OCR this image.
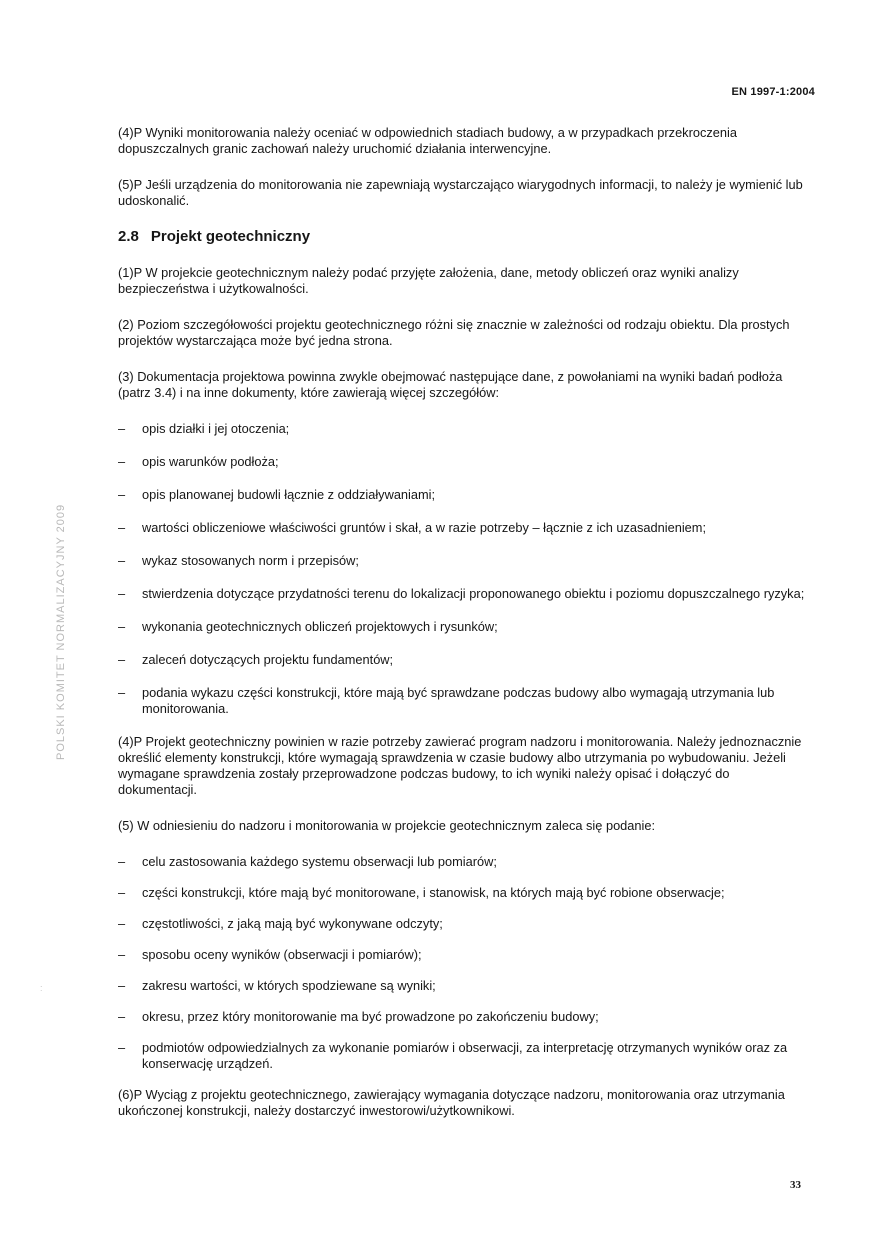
EN 1997-1:2004
POLSKI KOMITET NORMALIZACYJNY 2009
:

(4)P Wyniki monitorowania należy oceniać w odpowiednich stadiach budowy, a w przypadkach przekroczenia dopuszczalnych granic zachowań należy uruchomić działania interwencyjne.

(5)P Jeśli urządzenia do monitorowania nie zapewniają wystarczająco wiarygodnych informacji, to należy je wymienić lub udoskonalić.

2.8 Projekt geotechniczny

(1)P W projekcie geotechnicznym należy podać przyjęte założenia, dane, metody obliczeń oraz wyniki analizy bezpieczeństwa i użytkowalności.

(2) Poziom szczegółowości projektu geotechnicznego różni się znacznie w zależności od rodzaju obiektu. Dla prostych projektów wystarczająca może być jedna strona.

(3) Dokumentacja projektowa powinna zwykle obejmować następujące dane, z powołaniami na wyniki badań podłoża (patrz 3.4) i na inne dokumenty, które zawierają więcej szczegółów:

– opis działki i jej otoczenia;
– opis warunków podłoża;
– opis planowanej budowli łącznie z oddziaływaniami;
– wartości obliczeniowe właściwości gruntów i skał, a w razie potrzeby – łącznie z ich uzasadnieniem;
– wykaz stosowanych norm i przepisów;
– stwierdzenia dotyczące przydatności terenu do lokalizacji proponowanego obiektu i poziomu dopuszczalnego ryzyka;
– wykonania geotechnicznych obliczeń projektowych i rysunków;
– zaleceń dotyczących projektu fundamentów;
– podania wykazu części konstrukcji, które mają być sprawdzane podczas budowy albo wymagają utrzymania lub monitorowania.

(4)P Projekt geotechniczny powinien w razie potrzeby zawierać program nadzoru i monitorowania. Należy jednoznacznie określić elementy konstrukcji, które wymagają sprawdzenia w czasie budowy albo utrzymania po wybudowaniu. Jeżeli wymagane sprawdzenia zostały przeprowadzone podczas budowy, to ich wyniki należy opisać i dołączyć do dokumentacji.

(5) W odniesieniu do nadzoru i monitorowania w projekcie geotechnicznym zaleca się podanie:

– celu zastosowania każdego systemu obserwacji lub pomiarów;
– części konstrukcji, które mają być monitorowane, i stanowisk, na których mają być robione obserwacje;
– częstotliwości, z jaką mają być wykonywane odczyty;
– sposobu oceny wyników (obserwacji i pomiarów);
– zakresu wartości, w których spodziewane są wyniki;
– okresu, przez który monitorowanie ma być prowadzone po zakończeniu budowy;
– podmiotów odpowiedzialnych za wykonanie pomiarów i obserwacji, za interpretację otrzymanych wyników oraz za konserwację urządzeń.

(6)P Wyciąg z projektu geotechnicznego, zawierający wymagania dotyczące nadzoru, monitorowania oraz utrzymania ukończonej konstrukcji, należy dostarczyć inwestorowi/użytkownikowi.

33
